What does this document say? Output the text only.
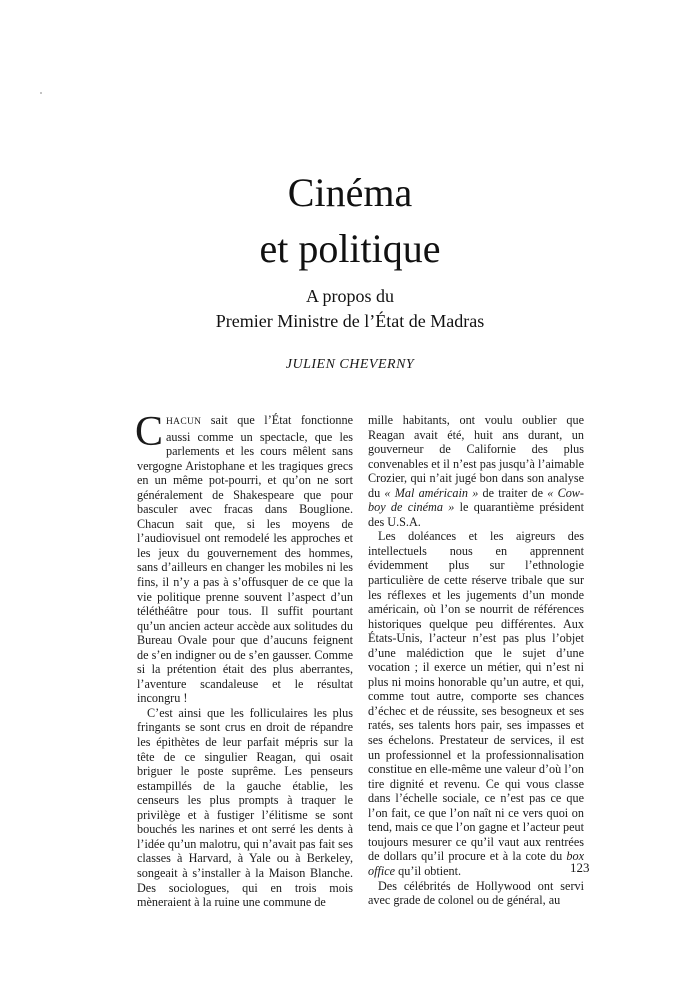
Cinéma
et politique
A propos du
Premier Ministre de l’État de Madras
JULIEN CHEVERNY

CHACUN sait que l’État fonctionne aussi comme un spectacle, que les parlements et les cours mêlent sans vergogne Aristophane et les tragiques grecs en un même pot-pourri, et qu’on ne sort généralement de Shakespeare que pour basculer avec fracas dans Bouglione. Chacun sait que, si les moyens de l’audiovisuel ont remodelé les approches et les jeux du gouvernement des hommes, sans d’ailleurs en changer les mobiles ni les fins, il n’y a pas à s’offusquer de ce que la vie politique prenne souvent l’aspect d’un téléthéâtre pour tous. Il suffit pourtant qu’un ancien acteur accède aux solitudes du Bureau Ovale pour que d’aucuns feignent de s’en indigner ou de s’en gausser. Comme si la prétention était des plus aberrantes, l’aventure scandaleuse et le résultat incongru !

C’est ainsi que les folliculaires les plus fringants se sont crus en droit de répandre les épithètes de leur parfait mépris sur la tête de ce singulier Reagan, qui osait briguer le poste suprême. Les penseurs estampillés de la gauche établie, les censeurs les plus prompts à traquer le privilège et à fustiger l’élitisme se sont bouchés les narines et ont serré les dents à l’idée qu’un malotru, qui n’avait pas fait ses classes à Harvard, à Yale ou à Berkeley, songeait à s’installer à la Maison Blanche. Des sociologues, qui en trois mois mèneraient à la ruine une commune de

mille habitants, ont voulu oublier que Reagan avait été, huit ans durant, un gouverneur de Californie des plus convenables et il n’est pas jusqu’à l’aimable Crozier, qui n’ait jugé bon dans son analyse du « Mal américain » de traiter de « Cow-boy de cinéma » le quarantième président des U.S.A.

Les doléances et les aigreurs des intellectuels nous en apprennent évidemment plus sur l’ethnologie particulière de cette réserve tribale que sur les réflexes et les jugements d’un monde américain, où l’on se nourrit de références historiques quelque peu différentes. Aux États-Unis, l’acteur n’est pas plus l’objet d’une malédiction que le sujet d’une vocation ; il exerce un métier, qui n’est ni plus ni moins honorable qu’un autre, et qui, comme tout autre, comporte ses chances d’échec et de réussite, ses besogneux et ses ratés, ses talents hors pair, ses impasses et ses échelons. Prestateur de services, il est un professionnel et la professionnalisation constitue en elle-même une valeur d’où l’on tire dignité et revenu. Ce qui vous classe dans l’échelle sociale, ce n’est pas ce que l’on fait, ce que l’on naît ni ce vers quoi on tend, mais ce que l’on gagne et l’acteur peut toujours mesurer ce qu’il vaut aux rentrées de dollars qu’il procure et à la cote du box office qu’il obtient.

Des célébrités de Hollywood ont servi avec grade de colonel ou de général, au

123
